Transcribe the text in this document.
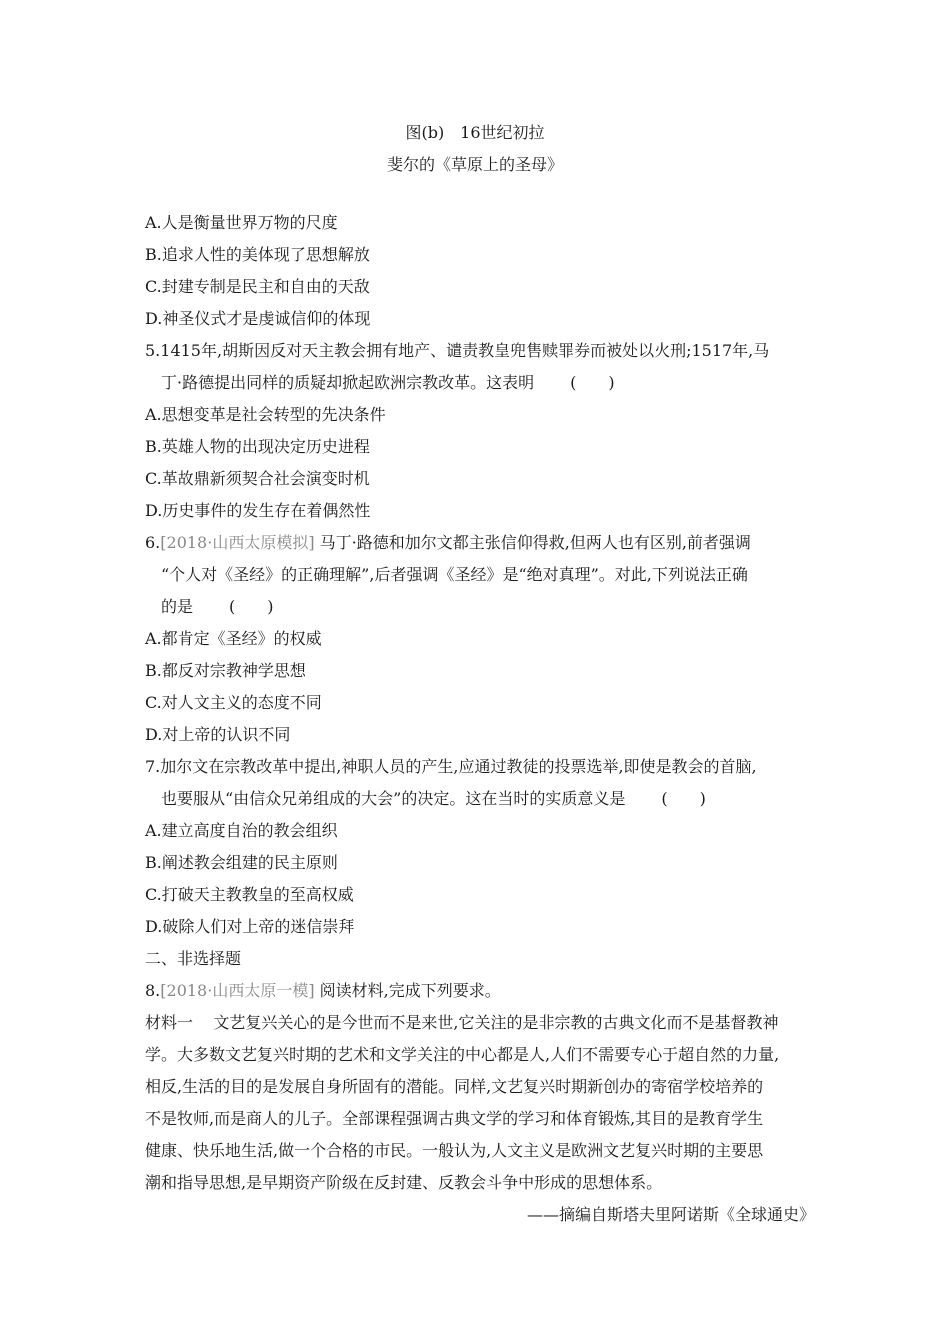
图(b)　16世纪初拉
斐尔的《草原上的圣母》
A.人是衡量世界万物的尺度
B.追求人性的美体现了思想解放
C.封建专制是民主和自由的天敌
D.神圣仪式才是虔诚信仰的体现
5.1415年,胡斯因反对天主教会拥有地产、谴责教皇兜售赎罪券而被处以火刑;1517年,马
丁·路德提出同样的质疑却掀起欧洲宗教改革。这表明 (　　)
A.思想变革是社会转型的先决条件
B.英雄人物的出现决定历史进程
C.革故鼎新须契合社会演变时机
D.历史事件的发生存在着偶然性
6.[2018·山西太原模拟] 马丁·路德和加尔文都主张信仰得救,但两人也有区别,前者强调
“个人对《圣经》的正确理解”,后者强调《圣经》是“绝对真理”。对此,下列说法正确
的是 (　　)
A.都肯定《圣经》的权威
B.都反对宗教神学思想
C.对人文主义的态度不同
D.对上帝的认识不同
7.加尔文在宗教改革中提出,神职人员的产生,应通过教徒的投票选举,即使是教会的首脑,
也要服从“由信众兄弟组成的大会”的决定。这在当时的实质意义是 (　　)
A.建立高度自治的教会组织
B.阐述教会组建的民主原则
C.打破天主教教皇的至高权威
D.破除人们对上帝的迷信崇拜
二、非选择题
8.[2018·山西太原一模] 阅读材料,完成下列要求。
材料一 文艺复兴关心的是今世而不是来世,它关注的是非宗教的古典文化而不是基督教神
学。大多数文艺复兴时期的艺术和文学关注的中心都是人,人们不需要专心于超自然的力量,
相反,生活的目的是发展自身所固有的潜能。同样,文艺复兴时期新创办的寄宿学校培养的
不是牧师,而是商人的儿子。全部课程强调古典文学的学习和体育锻炼,其目的是教育学生
健康、快乐地生活,做一个合格的市民。一般认为,人文主义是欧洲文艺复兴时期的主要思
潮和指导思想,是早期资产阶级在反封建、反教会斗争中形成的思想体系。
——摘编自斯塔夫里阿诺斯《全球通史》
